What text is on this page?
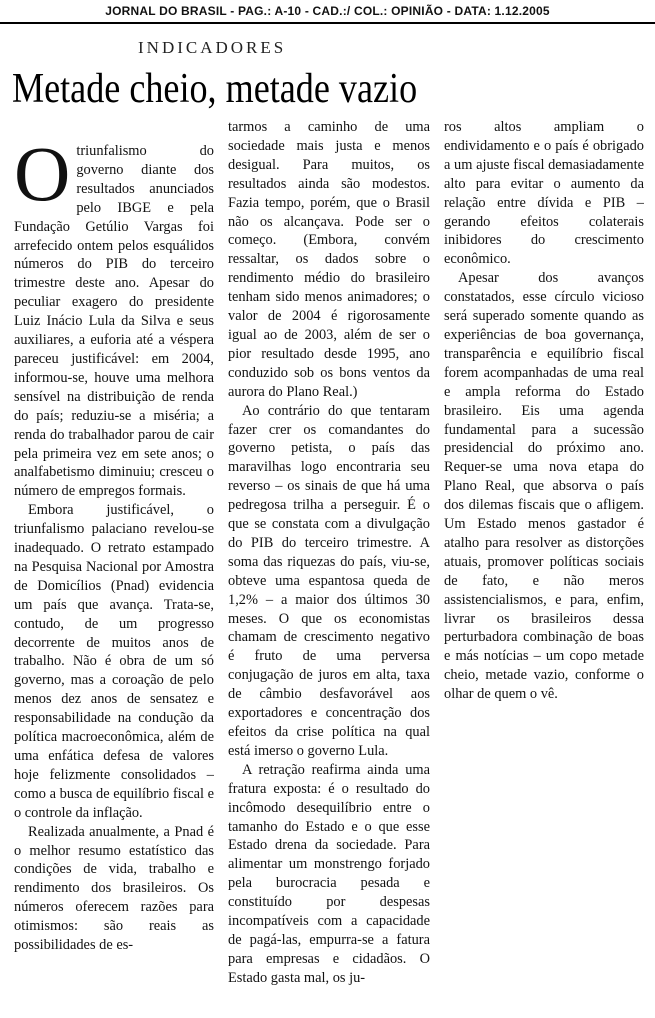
JORNAL DO BRASIL - PAG.: A-10 - CAD.:/ COL.: OPINIÃO - DATA: 1.12.2005
INDICADORES
Metade cheio, metade vazio

Otriunfalismo do governo diante dos resultados anunciados pelo IBGE e pela Fundação Getúlio Vargas foi arrefecido ontem pelos esquálidos números do PIB do terceiro trimestre deste ano. Apesar do peculiar exagero do presidente Luiz Inácio Lula da Silva e seus auxiliares, a euforia até a véspera pareceu justificável: em 2004, informou-se, houve uma melhora sensível na distribuição de renda do país; reduziu-se a miséria; a renda do trabalhador parou de cair pela primeira vez em sete anos; o analfabetismo diminuiu; cresceu o número de empregos formais.

Embora justificável, o triunfalismo palaciano revelou-se inadequado. O retrato estampado na Pesquisa Nacional por Amostra de Domicílios (Pnad) evidencia um país que avança. Trata-se, contudo, de um progresso decorrente de muitos anos de trabalho. Não é obra de um só governo, mas a coroação de pelo menos dez anos de sensatez e responsabilidade na condução da política macroeconômica, além de uma enfática defesa de valores hoje felizmente consolidados – como a busca de equilíbrio fiscal e o controle da inflação.

Realizada anualmente, a Pnad é o melhor resumo estatístico das condições de vida, trabalho e rendimento dos brasileiros. Os números oferecem razões para otimismos: são reais as possibilidades de es-

tarmos a caminho de uma sociedade mais justa e menos desigual. Para muitos, os resultados ainda são modestos. Fazia tempo, porém, que o Brasil não os alcançava. Pode ser o começo. (Embora, convém ressaltar, os dados sobre o rendimento médio do brasileiro tenham sido menos animadores; o valor de 2004 é rigorosamente igual ao de 2003, além de ser o pior resultado desde 1995, ano conduzido sob os bons ventos da aurora do Plano Real.)

Ao contrário do que tentaram fazer crer os comandantes do governo petista, o país das maravilhas logo encontraria seu reverso – os sinais de que há uma pedregosa trilha a perseguir. É o que se constata com a divulgação do PIB do terceiro trimestre. A soma das riquezas do país, viu-se, obteve uma espantosa queda de 1,2% – a maior dos últimos 30 meses. O que os economistas chamam de crescimento negativo é fruto de uma perversa conjugação de juros em alta, taxa de câmbio desfavorável aos exportadores e concentração dos efeitos da crise política na qual está imerso o governo Lula.

A retração reafirma ainda uma fratura exposta: é o resultado do incômodo desequilíbrio entre o tamanho do Estado e o que esse Estado drena da sociedade. Para alimentar um monstrengo forjado pela burocracia pesada e constituído por despesas incompatíveis com a capacidade de pagá-las, empurra-se a fatura para empresas e cidadãos. O Estado gasta mal, os ju-

ros altos ampliam o endividamento e o país é obrigado a um ajuste fiscal demasiadamente alto para evitar o aumento da relação entre dívida e PIB – gerando efeitos colaterais inibidores do crescimento econômico.

Apesar dos avanços constatados, esse círculo vicioso será superado somente quando as experiências de boa governança, transparência e equilíbrio fiscal forem acompanhadas de uma real e ampla reforma do Estado brasileiro. Eis uma agenda fundamental para a sucessão presidencial do próximo ano. Requer-se uma nova etapa do Plano Real, que absorva o país dos dilemas fiscais que o afligem. Um Estado menos gastador é atalho para resolver as distorções atuais, promover políticas sociais de fato, e não meros assistencialismos, e para, enfim, livrar os brasileiros dessa perturbadora combinação de boas e más notícias – um copo metade cheio, metade vazio, conforme o olhar de quem o vê.
